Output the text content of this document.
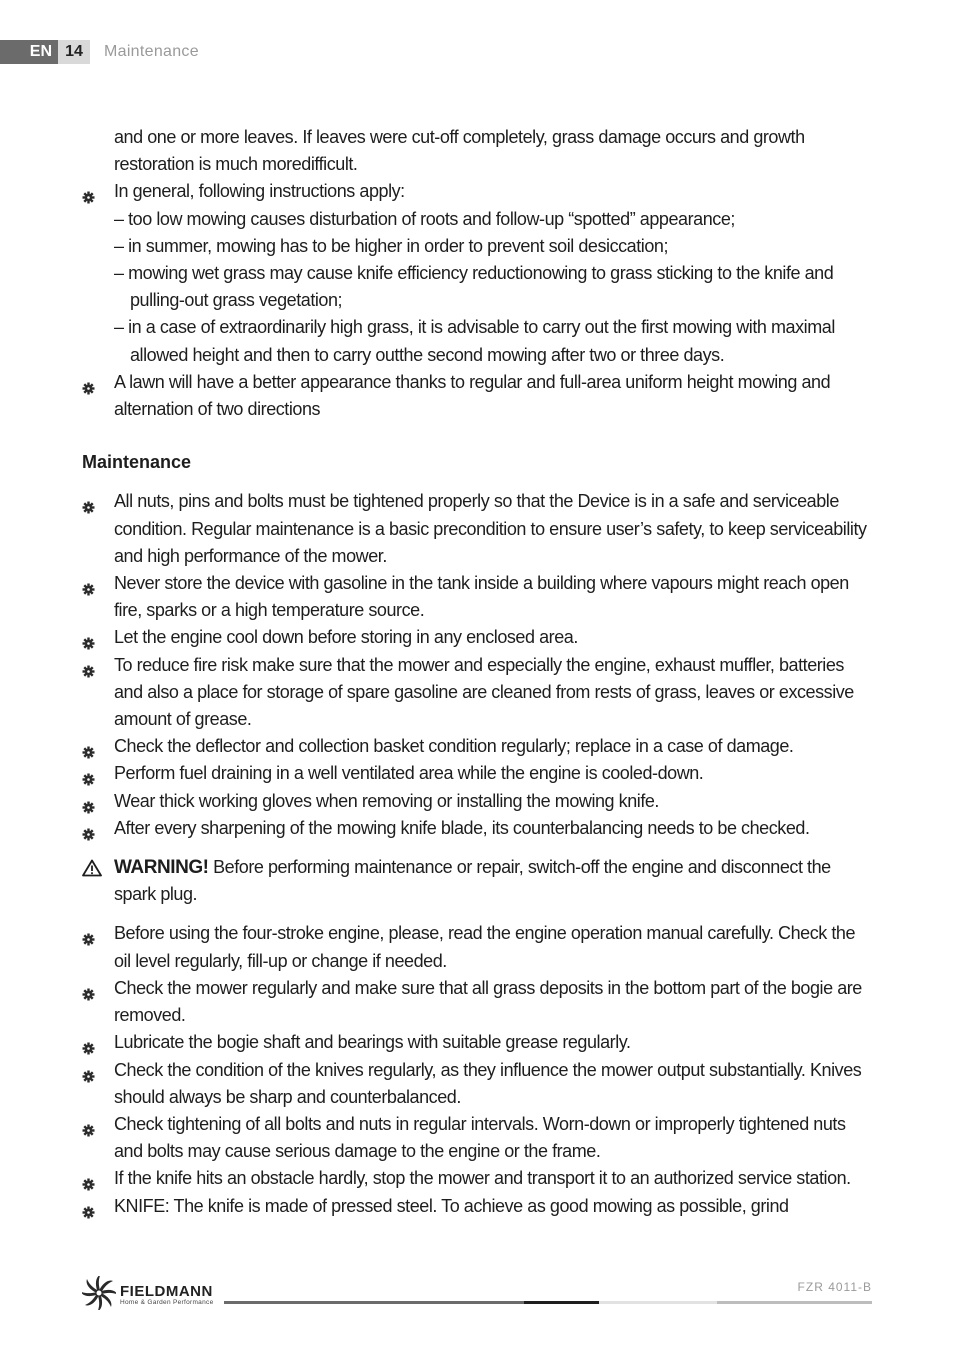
EN 14	Maintenance
and one or more leaves. If leaves were cut-off completely, grass damage occurs and growth restoration is much moredifficult.
In general, following instructions apply:
– too low mowing causes disturbation of roots and follow-up “spotted” appearance;
– in summer, mowing has to be higher in order to prevent soil desiccation;
– mowing wet grass may cause knife efficiency reductionowing to grass sticking to the knife and pulling-out grass vegetation;
– in a case of extraordinarily high grass, it is advisable to carry out the first mowing with maximal allowed height and then to carry outthe second mowing after two or three days.
A lawn will have a better appearance thanks to regular and full-area uniform height mowing and alternation of two directions
Maintenance
All nuts, pins and bolts must be tightened properly so that the Device is in a safe and serviceable condition. Regular maintenance is a basic precondition to ensure user’s safety, to keep serviceability and high performance of the mower.
Never store the device with gasoline in the tank inside a building where vapours might reach open fire, sparks or a high temperature source.
Let the engine cool down before storing in any enclosed area.
To reduce fire risk make sure that the mower and especially the engine, exhaust muffler, batteries and also a place for storage of spare gasoline are cleaned from rests of grass, leaves or excessive amount of grease.
Check the deflector and collection basket condition regularly; replace in a case of damage.
Perform fuel draining in a well ventilated area while the engine is cooled-down.
Wear thick working gloves when removing or installing the mowing knife.
After every sharpening of the mowing knife blade, its counterbalancing needs to be checked.
WARNING! Before performing maintenance or repair, switch-off the engine and disconnect the spark plug.
Before using the four-stroke engine, please, read the engine operation manual carefully. Check the oil level regularly, fill-up or change if needed.
Check the mower regularly and make sure that all grass deposits in the bottom part of the bogie are removed.
Lubricate the bogie shaft and bearings with suitable grease regularly.
Check the condition of the knives regularly, as they influence the mower output substantially. Knives should always be sharp and counterbalanced.
Check tightening of all bolts and nuts in regular intervals. Worn-down or improperly tightened nuts and bolts may cause serious damage to the engine or the frame.
If the knife hits an obstacle hardly, stop the mower and transport it to an authorized service station.
KNIFE: The knife is made of pressed steel. To achieve as good mowing as possible, grind
FIELDMANN
Home & Garden Performance
FZR 4011-B
